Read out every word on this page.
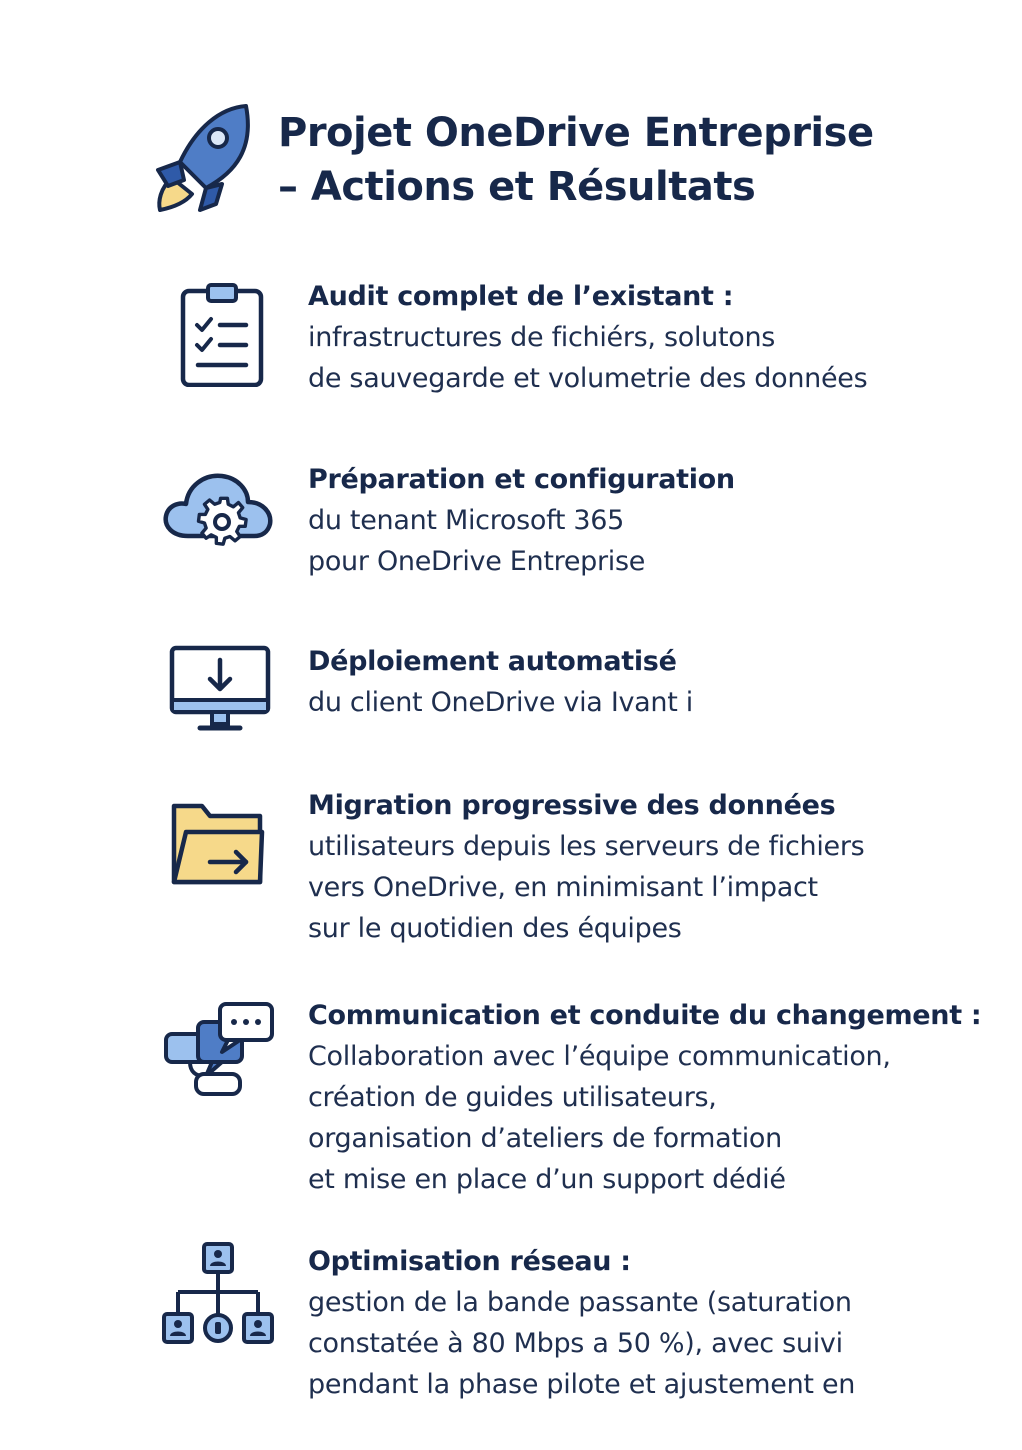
Projet OneDrive Entreprise
– Actions et Résultats
Audit complet de l’existant :
infrastructures de fichiérs, solutons
de sauvegarde et volumetrie des données
Préparation et configuration
du tenant Microsoft 365
pour OneDrive Entreprise
Déploiement automatisé
du client OneDrive via Ivant i
Migration progressive des données
utilisateurs depuis les serveurs de fichiers
vers OneDrive, en minimisant l’impact
sur le quotidien des équipes
Communication et conduite du changement :
Collaboration avec l’équipe communication,
création de guides utilisateurs,
organisation d’ateliers de formation
et mise en place d’un support dédié
Optimisation réseau :
gestion de la bande passante (saturation
constatée à 80 Mbps a 50 %), avec suivi
pendant la phase pilote et ajustement en
